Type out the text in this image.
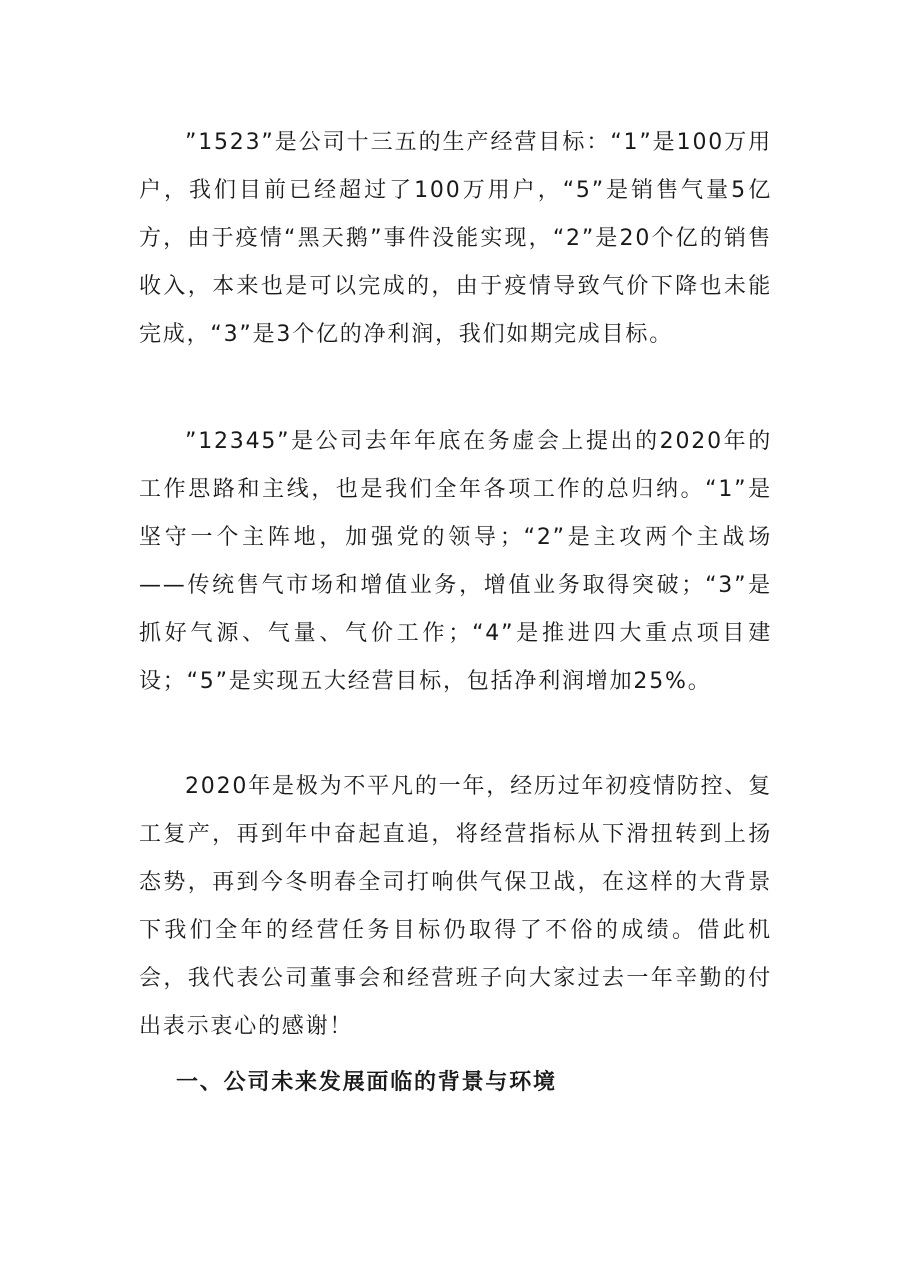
”1523”是公司十三五的生产经营目标：“1”是100万用户，我们目前已经超过了100万用户，“5”是销售气量5亿方，由于疫情“黑天鹅”事件没能实现，“2”是20个亿的销售收入，本来也是可以完成的，由于疫情导致气价下降也未能完成，“3”是3个亿的净利润，我们如期完成目标。

”12345”是公司去年年底在务虚会上提出的2020年的工作思路和主线，也是我们全年各项工作的总归纳。“1”是坚守一个主阵地，加强党的领导；“2”是主攻两个主战场——传统售气市场和增值业务，增值业务取得突破；“3”是抓好气源、气量、气价工作；“4”是推进四大重点项目建设；“5”是实现五大经营目标，包括净利润增加25%。

2020年是极为不平凡的一年，经历过年初疫情防控、复工复产，再到年中奋起直追，将经营指标从下滑扭转到上扬态势，再到今冬明春全司打响供气保卫战，在这样的大背景下我们全年的经营任务目标仍取得了不俗的成绩。借此机会，我代表公司董事会和经营班子向大家过去一年辛勤的付出表示衷心的感谢！

一、公司未来发展面临的背景与环境
